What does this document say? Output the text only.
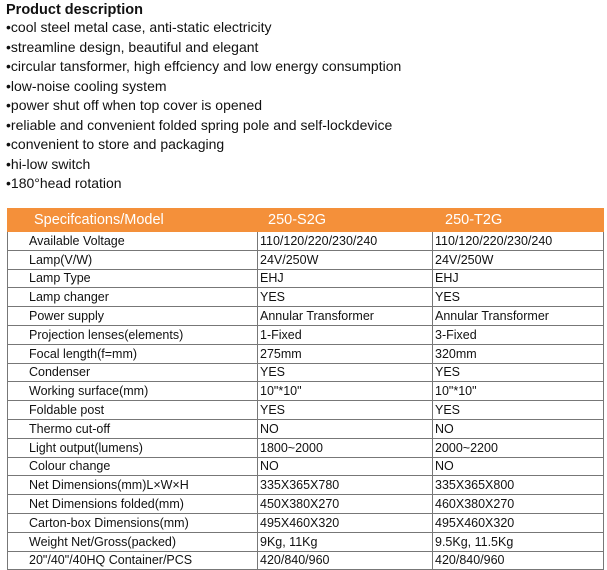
Product description
•cool steel metal case, anti-static electricity
•streamline design, beautiful and elegant
•circular tansformer, high effciency and low energy consumption
•low-noise cooling system
•power shut off when top cover is opened
•reliable and convenient folded spring pole and self-lockdevice
•convenient to store and packaging
•hi-low switch
•180°head rotation
Specifcations/Model	250-S2G	250-T2G
Available Voltage	110/120/220/230/240	110/120/220/230/240
Lamp(V/W)	24V/250W	24V/250W
Lamp Type	EHJ	EHJ
Lamp changer	YES	YES
Power supply	Annular Transformer	Annular Transformer
Projection lenses(elements)	1-Fixed	3-Fixed
Focal length(f=mm)	275mm	320mm
Condenser	YES	YES
Working surface(mm)	10"*10"	10"*10"
Foldable post	YES	YES
Thermo cut-off	NO	NO
Light output(lumens)	1800~2000	2000~2200
Colour change	NO	NO
Net Dimensions(mm)L×W×H	335X365X780	335X365X800
Net Dimensions folded(mm)	450X380X270	460X380X270
Carton-box Dimensions(mm)	495X460X320	495X460X320
Weight Net/Gross(packed)	9Kg, 11Kg	9.5Kg, 11.5Kg
20"/40"/40HQ Container/PCS	420/840/960	420/840/960
